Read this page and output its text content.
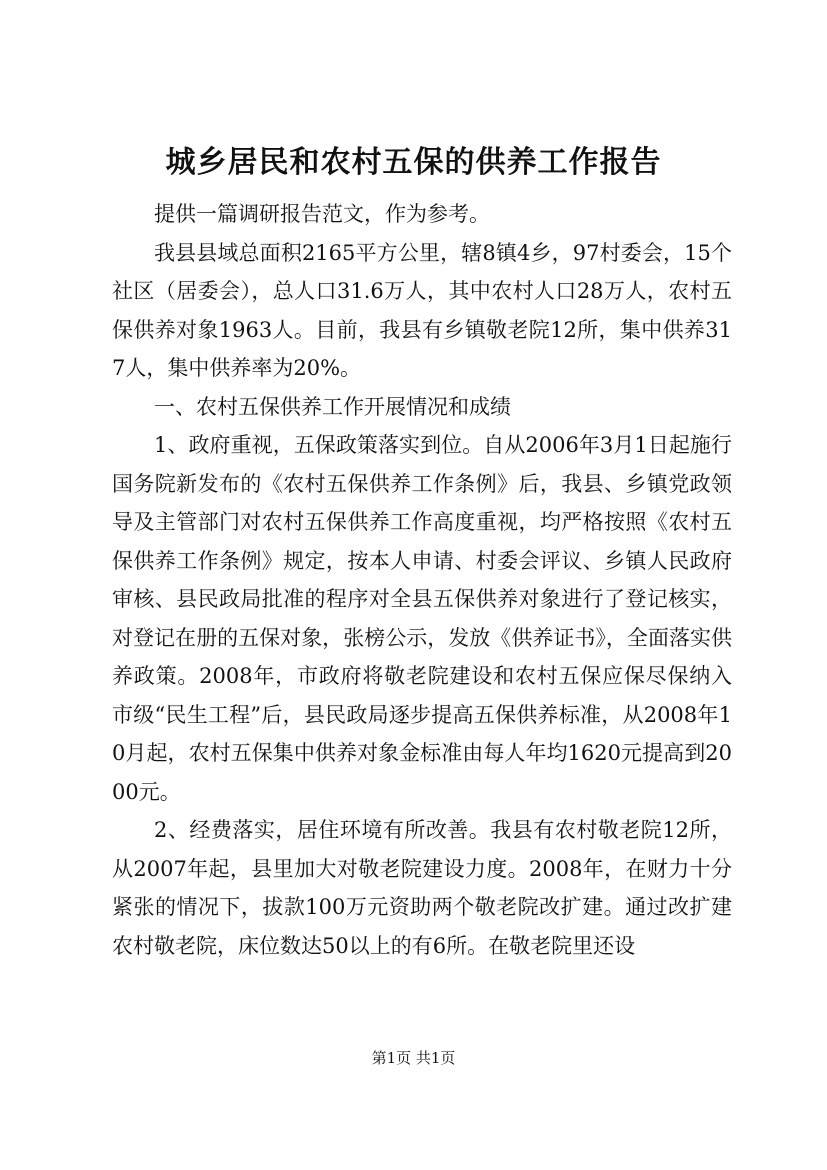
城乡居民和农村五保的供养工作报告

提供一篇调研报告范文，作为参考。

我县县域总面积2165平方公里，辖8镇4乡，97村委会，15个社区（居委会），总人口31.6万人，其中农村人口28万人，农村五保供养对象1963人。目前，我县有乡镇敬老院12所，集中供养317人，集中供养率为20%。

一、农村五保供养工作开展情况和成绩

1、政府重视，五保政策落实到位。自从2006年3月1日起施行国务院新发布的《农村五保供养工作条例》后，我县、乡镇党政领导及主管部门对农村五保供养工作高度重视，均严格按照《农村五保供养工作条例》规定，按本人申请、村委会评议、乡镇人民政府审核、县民政局批准的程序对全县五保供养对象进行了登记核实，对登记在册的五保对象，张榜公示，发放《供养证书》，全面落实供养政策。2008年，市政府将敬老院建设和农村五保应保尽保纳入市级“民生工程”后，县民政局逐步提高五保供养标准，从2008年10月起，农村五保集中供养对象金标准由每人年均1620元提高到2000元。

2、经费落实，居住环境有所改善。我县有农村敬老院12所，从2007年起，县里加大对敬老院建设力度。2008年，在财力十分紧张的情况下，拔款100万元资助两个敬老院改扩建。通过改扩建农村敬老院，床位数达50以上的有6所。在敬老院里还设

第1页 共1页
